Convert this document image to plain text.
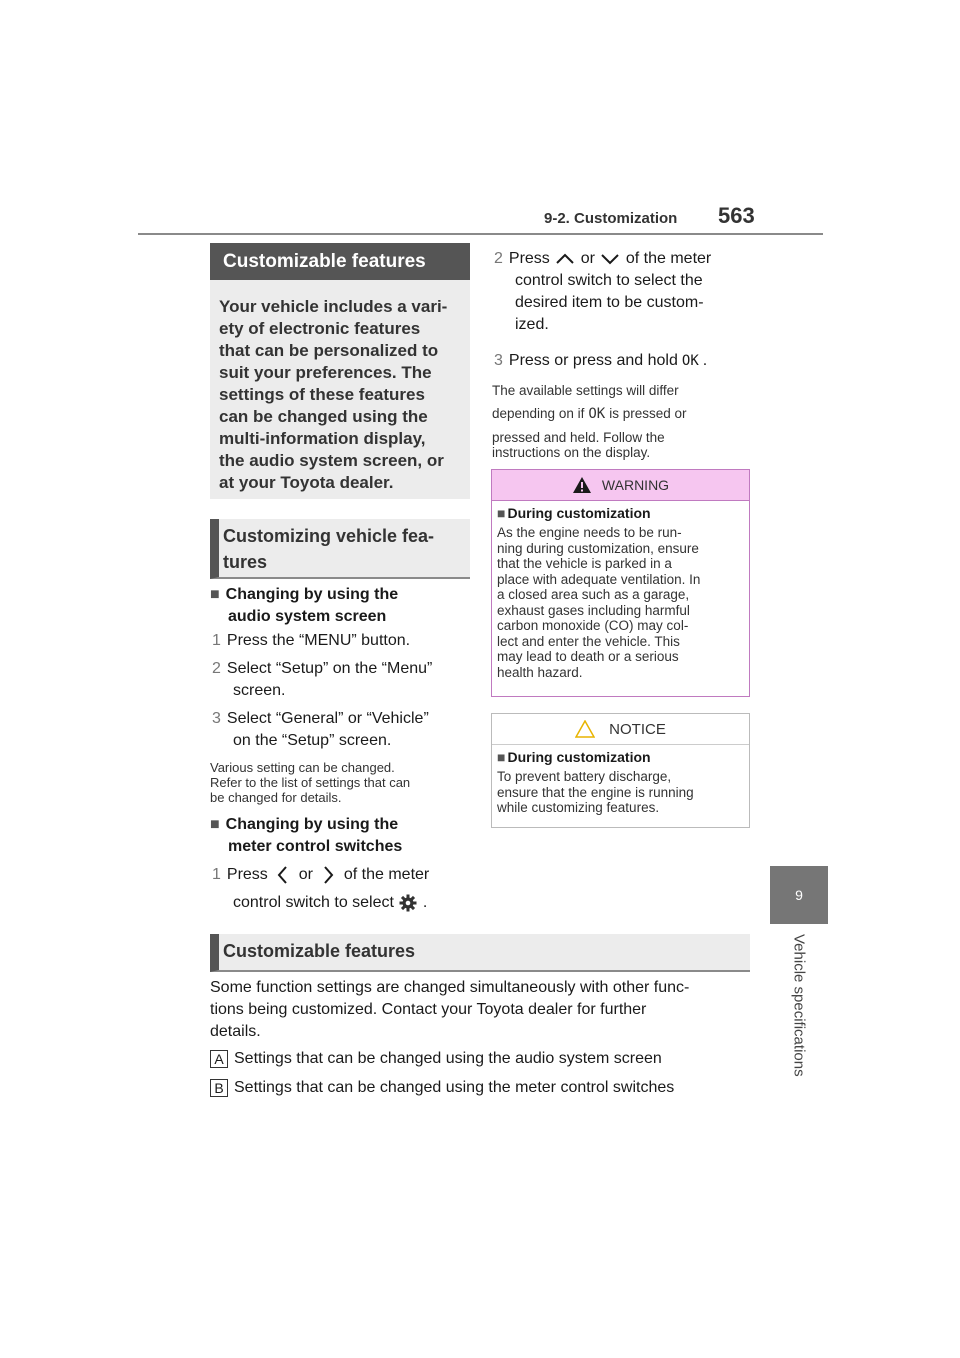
9-2. Customization 563
9
Vehicle specifications
Customizable features
Your vehicle includes a vari-
ety of electronic features
that can be personalized to
suit your preferences. The
settings of these features
can be changed using the
multi-information display,
the audio system screen, or
at your Toyota dealer.
Customizing vehicle fea-
tures
■ Changing by using the
audio system screen
1 Press the “MENU” button.
2 Select “Setup” on the “Menu”
screen.
3 Select “General” or “Vehicle”
on the “Setup” screen.
Various setting can be changed.
Refer to the list of settings that can
be changed for details.
■ Changing by using the
meter control switches
1 Press or of the meter
control switch to select .
2 Press or of the meter
control switch to select the
desired item to be custom-
ized.
3 Press or press and hold OK .
The available settings will differ
depending on if OK is pressed or
pressed and held. Follow the
instructions on the display.
WARNING
■ During customization
As the engine needs to be run-
ning during customization, ensure
that the vehicle is parked in a
place with adequate ventilation. In
a closed area such as a garage,
exhaust gases including harmful
carbon monoxide (CO) may col-
lect and enter the vehicle. This
may lead to death or a serious
health hazard.
NOTICE
■ During customization
To prevent battery discharge,
ensure that the engine is running
while customizing features.
Customizable features
Some function settings are changed simultaneously with other func-
tions being customized. Contact your Toyota dealer for further
details.
A Settings that can be changed using the audio system screen
B Settings that can be changed using the meter control switches
